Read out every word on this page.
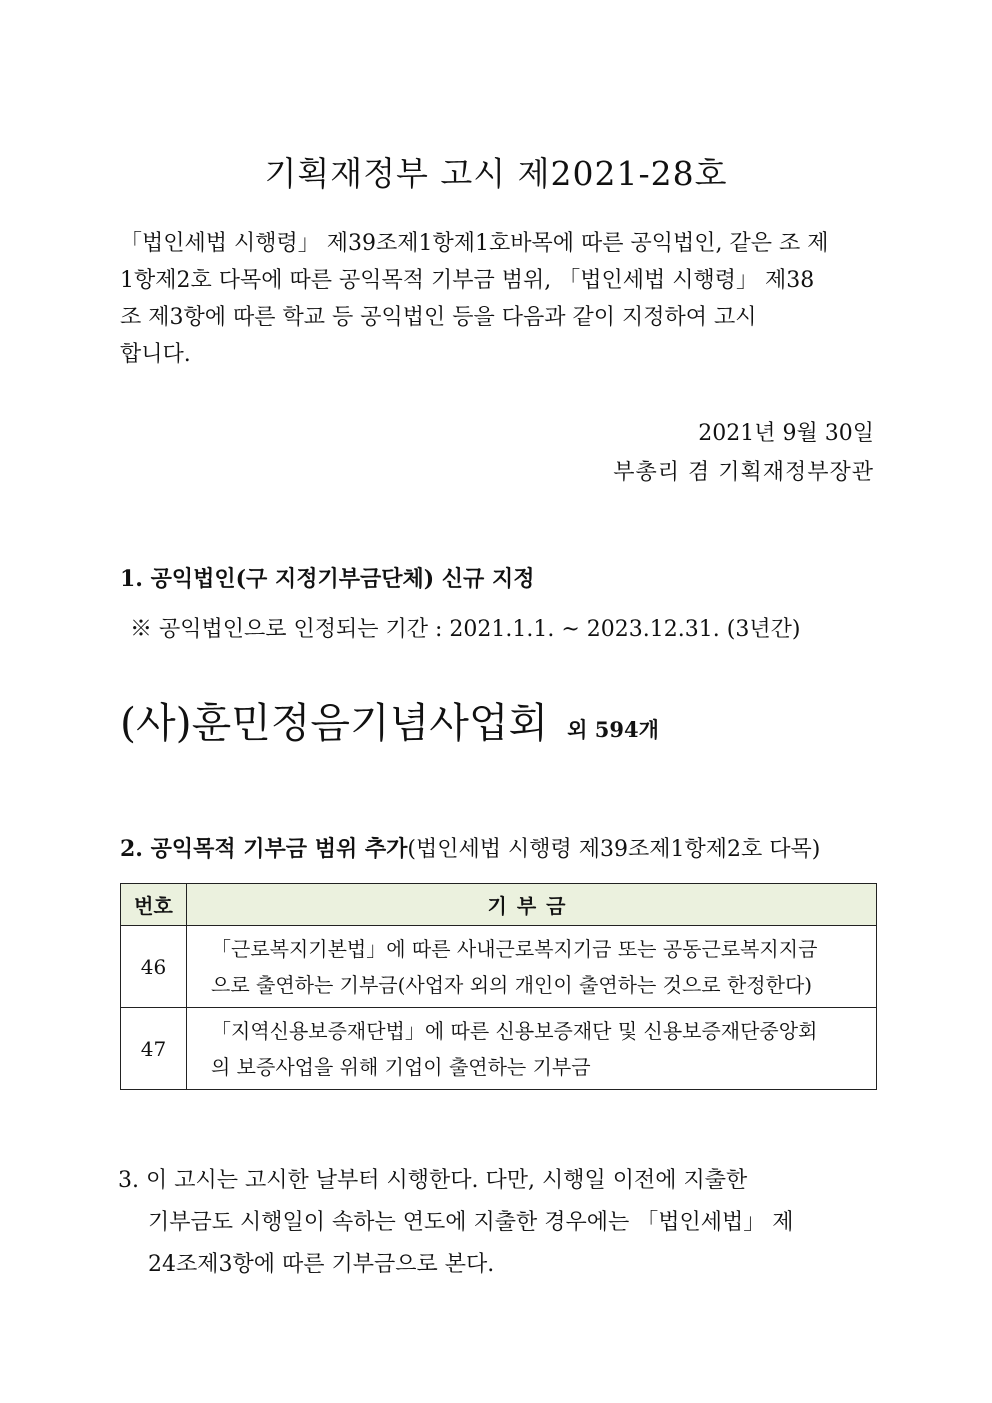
기획재정부 고시 제2021-28호
「법인세법 시행령」 제39조제1항제1호바목에 따른 공익법인, 같은 조 제
1항제2호 다목에 따른 공익목적 기부금 범위, 「법인세법 시행령」 제38
조 제3항에 따른 학교 등 공익법인 등을 다음과 같이 지정하여 고시
합니다.
2021년 9월 30일
부총리 겸 기획재정부장관
1. 공익법인(구 지정기부금단체) 신규 지정
※ 공익법인으로 인정되는 기간 : 2021.1.1. ~ 2023.12.31. (3년간)
(사)훈민정음기념사업회 외 594개
2. 공익목적 기부금 범위 추가(법인세법 시행령 제39조제1항제2호 다목)
번호	기부금
46	「근로복지기본법」에 따른 사내근로복지기금 또는 공동근로복지지금
으로 출연하는 기부금(사업자 외의 개인이 출연하는 것으로 한정한다)

47	「지역신용보증재단법」에 따른 신용보증재단 및 신용보증재단중앙회
의 보증사업을 위해 기업이 출연하는 기부금
3. 이 고시는 고시한 날부터 시행한다. 다만, 시행일 이전에 지출한
기부금도 시행일이 속하는 연도에 지출한 경우에는 「법인세법」 제
24조제3항에 따른 기부금으로 본다.
